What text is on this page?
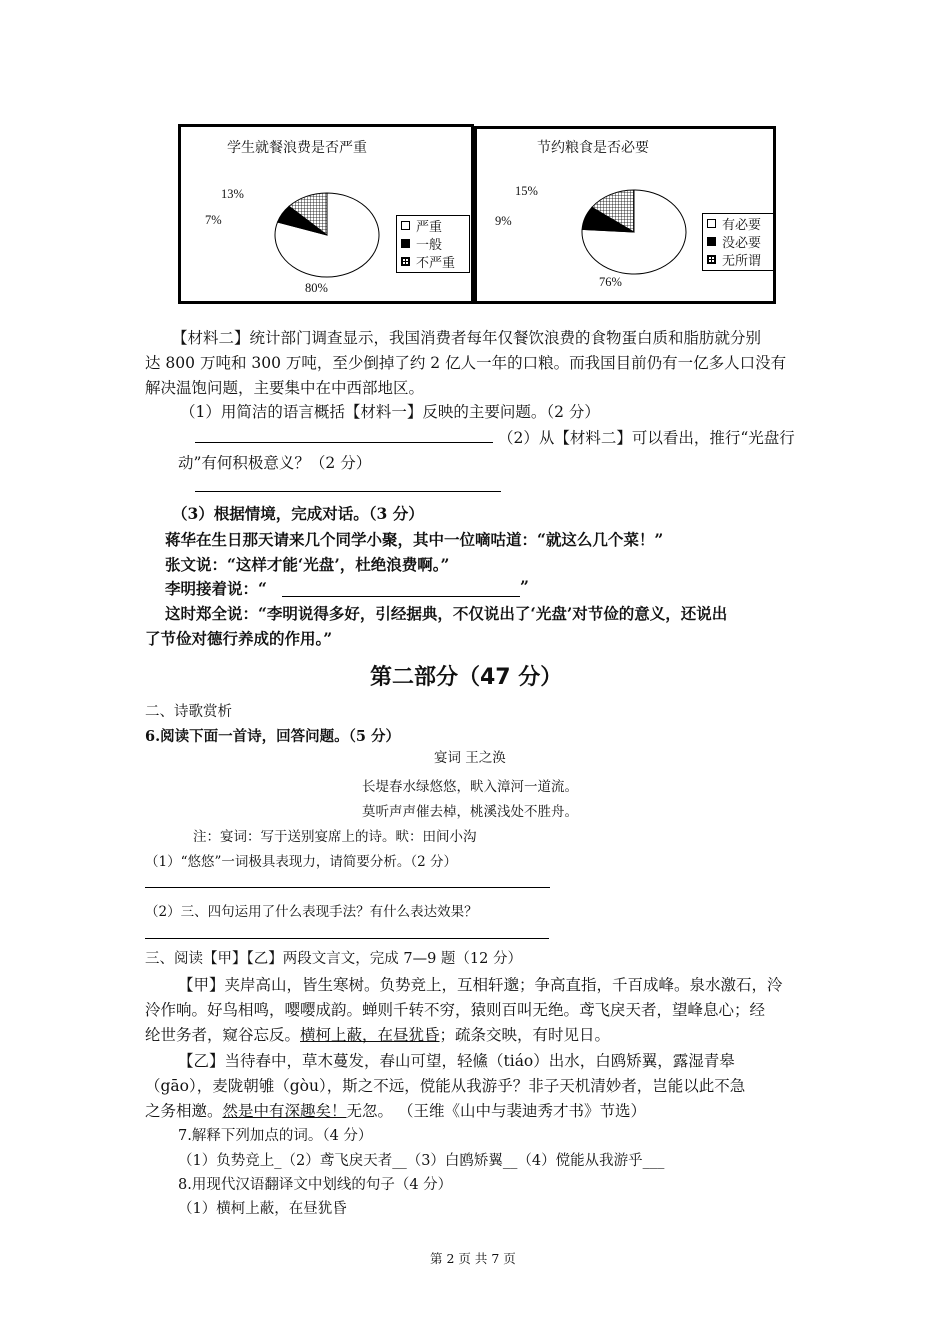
学生就餐浪费是否严重
13%
7%
80%
严重
一般
不严重
节约粮食是否必要
15%
9%
76%
有必要
没必要
无所谓
【材料二】统计部门调查显示，我国消费者每年仅餐饮浪费的食物蛋白质和脂肪就分别
达 800 万吨和 300 万吨，至少倒掉了约 2 亿人一年的口粮。而我国目前仍有一亿多人口没有
解决温饱问题，主要集中在中西部地区。
（1）用简洁的语言概括【材料一】反映的主要问题。（2 分）
（2）从【材料二】可以看出，推行“光盘行
动”有何积极意义？（2 分）
（3）根据情境，完成对话。（3 分）
蒋华在生日那天请来几个同学小聚，其中一位嘀咕道：“就这么几个菜！”
张文说：“这样才能‘光盘’，杜绝浪费啊。”
李明接着说：“	”
这时郑全说：“李明说得多好，引经据典，不仅说出了‘光盘’对节俭的意义，还说出
了节俭对德行养成的作用。”
第二部分（47 分）
二、诗歌赏析
6.阅读下面一首诗，回答问题。（5 分）
宴词 王之涣
长堤春水绿悠悠，畎入漳河一道流。
莫听声声催去棹，桃溪浅处不胜舟。
注：宴词：写于送别宴席上的诗。畎：田间小沟
（1）“悠悠”一词极具表现力，请简要分析。（2 分）
（2）三、四句运用了什么表现手法？有什么表达效果？
三、阅读【甲】【乙】两段文言文，完成 7—9 题（12 分）
【甲】夹岸高山，皆生寒树。负势竞上，互相轩邈；争高直指，千百成峰。泉水激石，泠
泠作响。好鸟相鸣，嘤嘤成韵。蝉则千转不穷，猿则百叫无绝。鸢飞戾天者，望峰息心；经
纶世务者，窥谷忘反。横柯上蔽，在昼犹昏；疏条交映，有时见日。
【乙】当待春中，草木蔓发，春山可望，轻鯈（tiáo）出水，白鸥矫翼，露湿青皋
（gāo），麦陇朝雊（gòu），斯之不远，傥能从我游乎？非子天机清妙者，岂能以此不急
之务相邀。然是中有深趣矣！无忽。 （王维《山中与裴迪秀才书》节选）
7.解释下列加点的词。（4 分）
（1）负势竞上_（2）鸢飞戾天者__（3）白鸥矫翼__（4）傥能从我游乎___
8.用现代汉语翻译文中划线的句子（4 分）
（1）横柯上蔽，在昼犹昏
第 2 页 共 7 页
